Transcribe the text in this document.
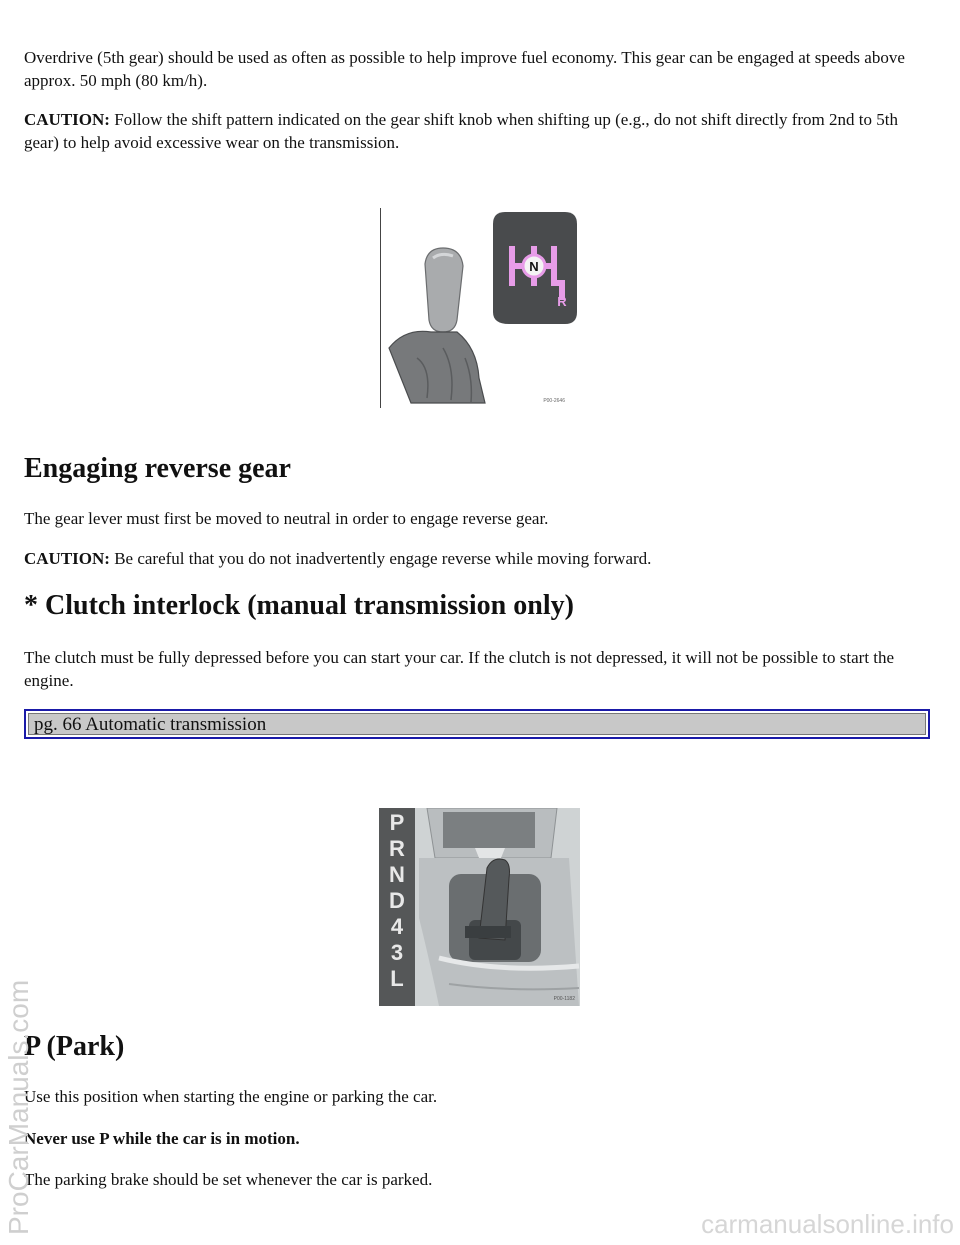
Overdrive (5th gear) should be used as often as possible to help improve fuel economy. This gear can be engaged at speeds above approx. 50 mph (80 km/h).

CAUTION: Follow the shift pattern indicated on the gear shift knob when shifting up (e.g., do not shift directly from 2nd to 5th gear) to help avoid excessive wear on the transmission.

N
R
P00-2646
Engaging reverse gear

The gear lever must first be moved to neutral in order to engage reverse gear.

CAUTION: Be careful that you do not inadvertently engage reverse while moving forward.

* Clutch interlock (manual transmission only)

The clutch must be fully depressed before you can start your car. If the clutch is not depressed, it will not be possible to start the engine.

pg. 66 Automatic transmission
P
R
N
D
4
3
L
P00-1182
P (Park)

Use this position when starting the engine or parking the car.

Never use P while the car is in motion.

The parking brake should be set whenever the car is parked.

ProCarManuals.com	carmanualsonline.info
